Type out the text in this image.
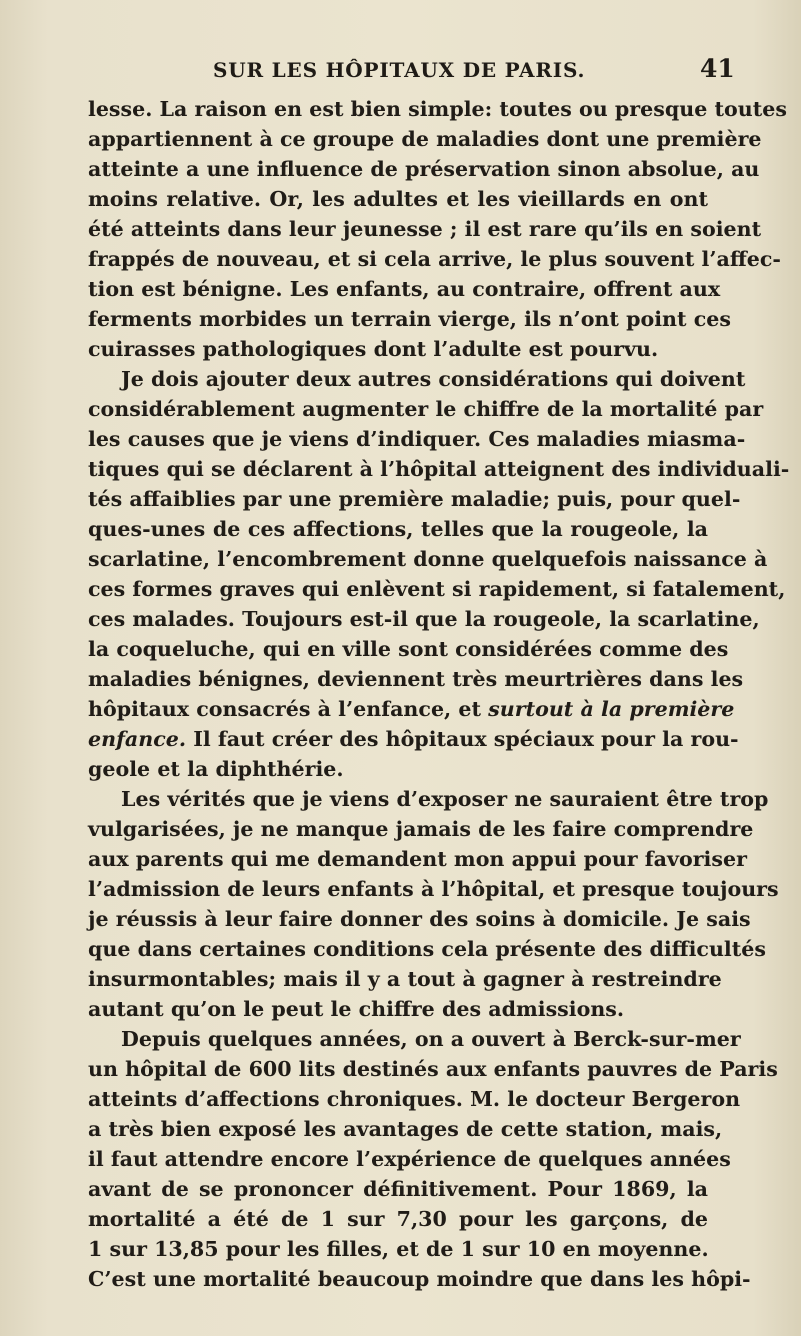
SUR LES HÔPITAUX DE PARIS.	41
lesse. La raison en est bien simple: toutes ou presque toutes
appartiennent à ce groupe de maladies dont une première
atteinte a une influence de préservation sinon absolue, au
moins relative. Or, les adultes et les vieillards en ont
été atteints dans leur jeunesse ; il est rare qu’ils en soient
frappés de nouveau, et si cela arrive, le plus souvent l’affec-
tion est bénigne. Les enfants, au contraire, offrent aux
ferments morbides un terrain vierge, ils n’ont point ces
cuirasses pathologiques dont l’adulte est pourvu.
Je dois ajouter deux autres considérations qui doivent
considérablement augmenter le chiffre de la mortalité par
les causes que je viens d’indiquer. Ces maladies miasma-
tiques qui se déclarent à l’hôpital atteignent des individuali-
tés affaiblies par une première maladie; puis, pour quel-
ques-unes de ces affections, telles que la rougeole, la
scarlatine, l’encombrement donne quelquefois naissance à
ces formes graves qui enlèvent si rapidement, si fatalement,
ces malades. Toujours est-il que la rougeole, la scarlatine,
la coqueluche, qui en ville sont considérées comme des
maladies bénignes, deviennent très meurtrières dans les
hôpitaux consacrés à l’enfance, et surtout à la première
enfance. Il faut créer des hôpitaux spéciaux pour la rou-
geole et la diphthérie.
Les vérités que je viens d’exposer ne sauraient être trop
vulgarisées, je ne manque jamais de les faire comprendre
aux parents qui me demandent mon appui pour favoriser
l’admission de leurs enfants à l’hôpital, et presque toujours
je réussis à leur faire donner des soins à domicile. Je sais
que dans certaines conditions cela présente des difficultés
insurmontables; mais il y a tout à gagner à restreindre
autant qu’on le peut le chiffre des admissions.
Depuis quelques années, on a ouvert à Berck-sur-mer
un hôpital de 600 lits destinés aux enfants pauvres de Paris
atteints d’affections chroniques. M. le docteur Bergeron
a très bien exposé les avantages de cette station, mais,
il faut attendre encore l’expérience de quelques années
avant de se prononcer définitivement. Pour 1869, la
mortalité a été de 1 sur 7,30 pour les garçons, de
1 sur 13,85 pour les filles, et de 1 sur 10 en moyenne.
C’est une mortalité beaucoup moindre que dans les hôpi-
